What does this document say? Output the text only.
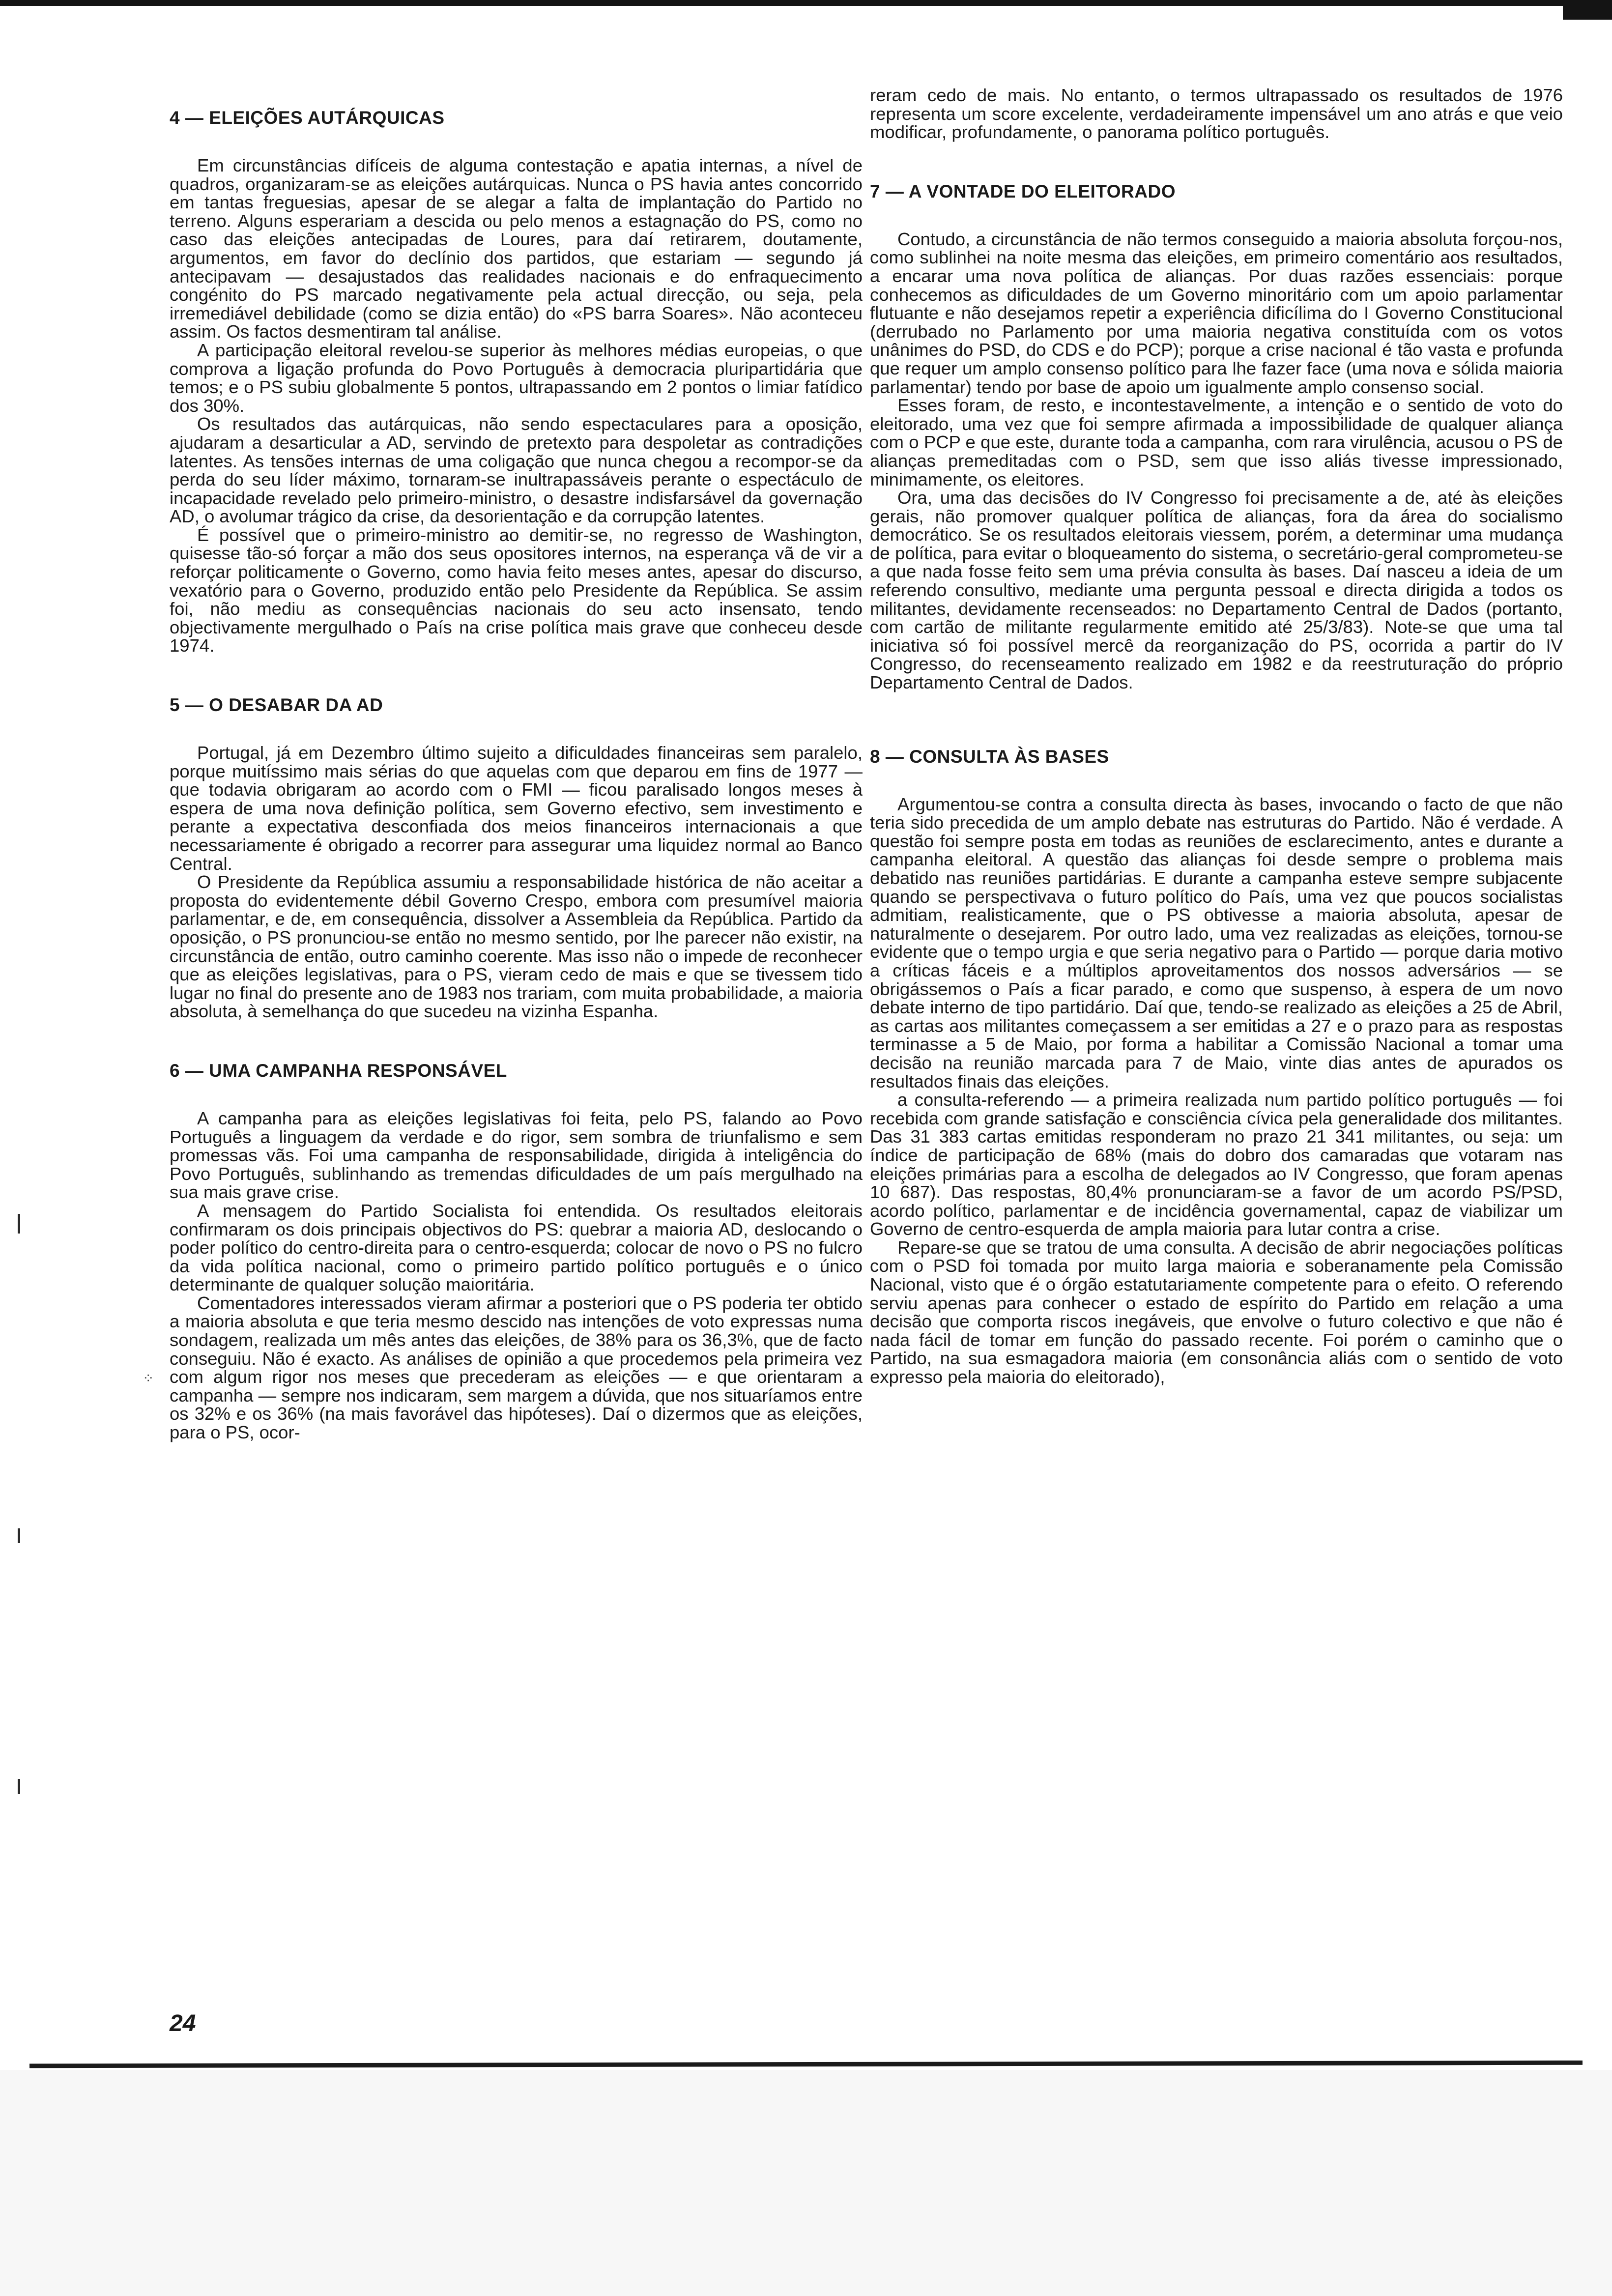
4 — ELEIÇÕES AUTÁRQUICAS

Em circunstâncias difíceis de alguma contestação e apatia internas, a nível de quadros, organizaram-se as eleições autárquicas. Nunca o PS havia antes concorrido em tantas freguesias, apesar de se alegar a falta de implantação do Partido no terreno. Alguns esperariam a descida ou pelo menos a estagnação do PS, como no caso das eleições antecipadas de Loures, para daí retirarem, doutamente, argumentos, em favor do declínio dos partidos, que estariam — segundo já antecipavam — desajustados das realidades nacionais e do enfraquecimento congénito do PS marcado negativamente pela actual direcção, ou seja, pela irremediável debilidade (como se dizia então) do «PS barra Soares». Não aconteceu assim. Os factos desmentiram tal análise.

A participação eleitoral revelou-se superior às melhores médias europeias, o que comprova a ligação profunda do Povo Português à democracia pluripartidária que temos; e o PS subiu globalmente 5 pontos, ultrapassando em 2 pontos o limiar fatídico dos 30%.

Os resultados das autárquicas, não sendo espectaculares para a oposição, ajudaram a desarticular a AD, servindo de pretexto para despoletar as contradições latentes. As tensões internas de uma coligação que nunca chegou a recompor-se da perda do seu líder máximo, tornaram-se inultrapassáveis perante o espectáculo de incapacidade revelado pelo primeiro-ministro, o desastre indisfarsável da governação AD, o avolumar trágico da crise, da desorientação e da corrupção latentes.

É possível que o primeiro-ministro ao demitir-se, no regresso de Washington, quisesse tão-só forçar a mão dos seus opositores internos, na esperança vã de vir a reforçar politicamente o Governo, como havia feito meses antes, apesar do discurso, vexatório para o Governo, produzido então pelo Presidente da República. Se assim foi, não mediu as consequências nacionais do seu acto insensato, tendo objectivamente mergulhado o País na crise política mais grave que conheceu desde 1974.

5 — O DESABAR DA AD

Portugal, já em Dezembro último sujeito a dificuldades financeiras sem paralelo, porque muitíssimo mais sérias do que aquelas com que deparou em fins de 1977 — que todavia obrigaram ao acordo com o FMI — ficou paralisado longos meses à espera de uma nova definição política, sem Governo efectivo, sem investimento e perante a expectativa desconfiada dos meios financeiros internacionais a que necessariamente é obrigado a recorrer para assegurar uma liquidez normal ao Banco Central.

O Presidente da República assumiu a responsabilidade histórica de não aceitar a proposta do evidentemente débil Governo Crespo, embora com presumível maioria parlamentar, e de, em consequência, dissolver a Assembleia da República. Partido da oposição, o PS pronunciou-se então no mesmo sentido, por lhe parecer não existir, na circunstância de então, outro caminho coerente. Mas isso não o impede de reconhecer que as eleições legislativas, para o PS, vieram cedo de mais e que se tivessem tido lugar no final do presente ano de 1983 nos trariam, com muita probabilidade, a maioria absoluta, à semelhança do que sucedeu na vizinha Espanha.

6 — UMA CAMPANHA RESPONSÁVEL

A campanha para as eleições legislativas foi feita, pelo PS, falando ao Povo Português a linguagem da verdade e do rigor, sem sombra de triunfalismo e sem promessas vãs. Foi uma campanha de responsabilidade, dirigida à inteligência do Povo Português, sublinhando as tremendas dificuldades de um país mergulhado na sua mais grave crise.

A mensagem do Partido Socialista foi entendida. Os resultados eleitorais confirmaram os dois principais objectivos do PS: quebrar a maioria AD, deslocando o poder político do centro-direita para o centro-esquerda; colocar de novo o PS no fulcro da vida política nacional, como o primeiro partido político português e o único determinante de qualquer solução maioritária.

Comentadores interessados vieram afirmar a posteriori que o PS poderia ter obtido a maioria absoluta e que teria mesmo descido nas intenções de voto expressas numa sondagem, realizada um mês antes das eleições, de 38% para os 36,3%, que de facto conseguiu. Não é exacto. As análises de opinião a que procedemos pela primeira vez com algum rigor nos meses que precederam as eleições — e que orientaram a campanha — sempre nos indicaram, sem margem a dúvida, que nos situaríamos entre os 32% e os 36% (na mais favorável das hipóteses). Daí o dizermos que as eleições, para o PS, ocor-

reram cedo de mais. No entanto, o termos ultrapassado os resultados de 1976 representa um score excelente, verdadeiramente impensável um ano atrás e que veio modificar, profundamente, o panorama político português.

7 — A VONTADE DO ELEITORADO

Contudo, a circunstância de não termos conseguido a maioria absoluta forçou-nos, como sublinhei na noite mesma das eleições, em primeiro comentário aos resultados, a encarar uma nova política de alianças. Por duas razões essenciais: porque conhecemos as dificuldades de um Governo minoritário com um apoio parlamentar flutuante e não desejamos repetir a experiência dificílima do I Governo Constitucional (derrubado no Parlamento por uma maioria negativa constituída com os votos unânimes do PSD, do CDS e do PCP); porque a crise nacional é tão vasta e profunda que requer um amplo consenso político para lhe fazer face (uma nova e sólida maioria parlamentar) tendo por base de apoio um igualmente amplo consenso social.

Esses foram, de resto, e incontestavelmente, a intenção e o sentido de voto do eleitorado, uma vez que foi sempre afirmada a impossibilidade de qualquer aliança com o PCP e que este, durante toda a campanha, com rara virulência, acusou o PS de alianças premeditadas com o PSD, sem que isso aliás tivesse impressionado, minimamente, os eleitores.

Ora, uma das decisões do IV Congresso foi precisamente a de, até às eleições gerais, não promover qualquer política de alianças, fora da área do socialismo democrático. Se os resultados eleitorais viessem, porém, a determinar uma mudança de política, para evitar o bloqueamento do sistema, o secretário-geral comprometeu-se a que nada fosse feito sem uma prévia consulta às bases. Daí nasceu a ideia de um referendo consultivo, mediante uma pergunta pessoal e directa dirigida a todos os militantes, devidamente recenseados: no Departamento Central de Dados (portanto, com cartão de militante regularmente emitido até 25/3/83). Note-se que uma tal iniciativa só foi possível mercê da reorganização do PS, ocorrida a partir do IV Congresso, do recenseamento realizado em 1982 e da reestruturação do próprio Departamento Central de Dados.

8 — CONSULTA ÀS BASES

Argumentou-se contra a consulta directa às bases, invocando o facto de que não teria sido precedida de um amplo debate nas estruturas do Partido. Não é verdade. A questão foi sempre posta em todas as reuniões de esclarecimento, antes e durante a campanha eleitoral. A questão das alianças foi desde sempre o problema mais debatido nas reuniões partidárias. E durante a campanha esteve sempre subjacente quando se perspectivava o futuro político do País, uma vez que poucos socialistas admitiam, realisticamente, que o PS obtivesse a maioria absoluta, apesar de naturalmente o desejarem. Por outro lado, uma vez realizadas as eleições, tornou-se evidente que o tempo urgia e que seria negativo para o Partido — porque daria motivo a críticas fáceis e a múltiplos aproveitamentos dos nossos adversários — se obrigássemos o País a ficar parado, e como que suspenso, à espera de um novo debate interno de tipo partidário. Daí que, tendo-se realizado as eleições a 25 de Abril, as cartas aos militantes começassem a ser emitidas a 27 e o prazo para as respostas terminasse a 5 de Maio, por forma a habilitar a Comissão Nacional a tomar uma decisão na reunião marcada para 7 de Maio, vinte dias antes de apurados os resultados finais das eleições.

a consulta-referendo — a primeira realizada num partido político português — foi recebida com grande satisfação e consciência cívica pela generalidade dos militantes. Das 31 383 cartas emitidas responderam no prazo 21 341 militantes, ou seja: um índice de participação de 68% (mais do dobro dos camaradas que votaram nas eleições primárias para a escolha de delegados ao IV Congresso, que foram apenas 10 687). Das respostas, 80,4% pronunciaram-se a favor de um acordo PS/PSD, acordo político, parlamentar e de incidência governamental, capaz de viabilizar um Governo de centro-esquerda de ampla maioria para lutar contra a crise.

Repare-se que se tratou de uma consulta. A decisão de abrir negociações políticas com o PSD foi tomada por muito larga maioria e soberanamente pela Comissão Nacional, visto que é o órgão estatutariamente competente para o efeito. O referendo serviu apenas para conhecer o estado de espírito do Partido em relação a uma decisão que comporta riscos inegáveis, que envolve o futuro colectivo e que não é nada fácil de tomar em função do passado recente. Foi porém o caminho que o Partido, na sua esmagadora maioria (em consonância aliás com o sentido de voto expresso pela maioria do eleitorado),

24
⁘
